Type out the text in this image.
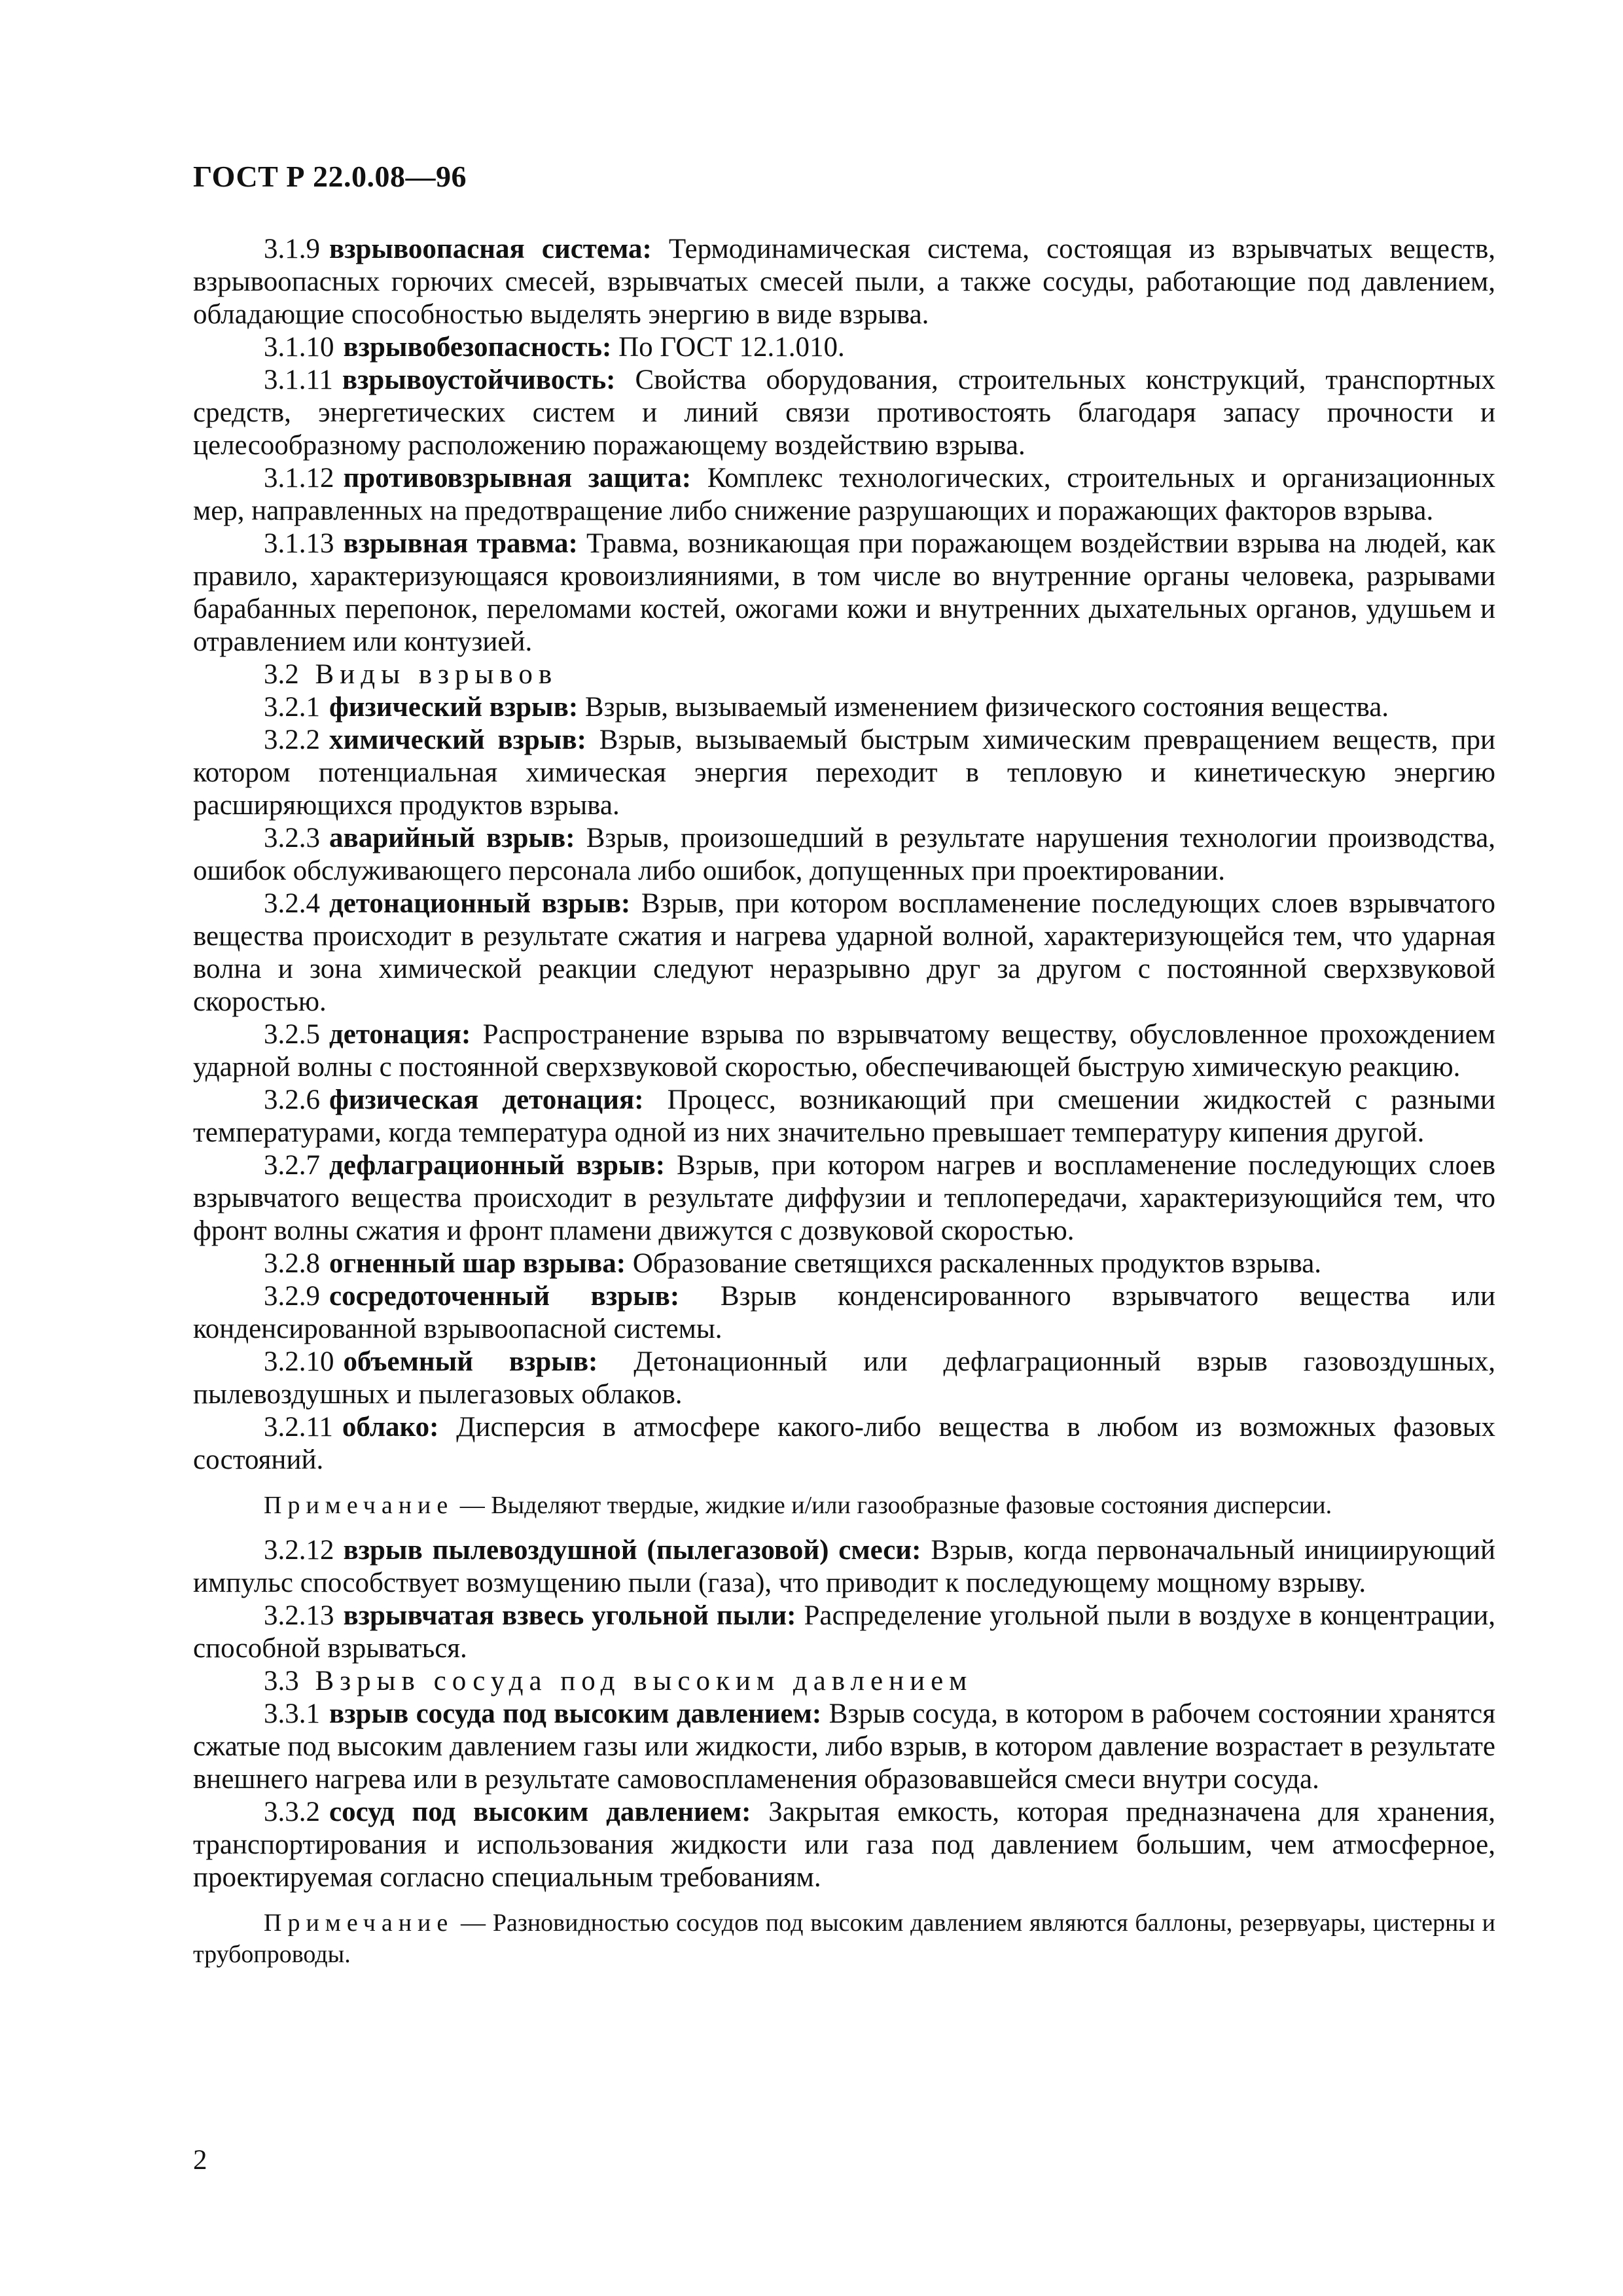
ГОСТ Р 22.0.08—96

3.1.9 взрывоопасная система: Термодинамическая система, состоящая из взрывчатых веществ, взрывоопасных горючих смесей, взрывчатых смесей пыли, а также сосуды, работающие под давлением, обладающие способностью выделять энергию в виде взрыва.

3.1.10 взрывобезопасность: По ГОСТ 12.1.010.

3.1.11 взрывоустойчивость: Свойства оборудования, строительных конструкций, транспортных средств, энергетических систем и линий связи противостоять благодаря запасу прочности и целесообразному расположению поражающему воздействию взрыва.

3.1.12 противовзрывная защита: Комплекс технологических, строительных и организационных мер, направленных на предотвращение либо снижение разрушающих и поражающих факторов взрыва.

3.1.13 взрывная травма: Травма, возникающая при поражающем воздействии взрыва на людей, как правило, характеризующаяся кровоизлияниями, в том числе во внутренние органы человека, разрывами барабанных перепонок, переломами костей, ожогами кожи и внутренних дыхательных органов, удушьем и отравлением или контузией.

3.2 Виды взрывов

3.2.1 физический взрыв: Взрыв, вызываемый изменением физического состояния вещества.

3.2.2 химический взрыв: Взрыв, вызываемый быстрым химическим превращением веществ, при котором потенциальная химическая энергия переходит в тепловую и кинетическую энергию расширяющихся продуктов взрыва.

3.2.3 аварийный взрыв: Взрыв, произошедший в результате нарушения технологии производства, ошибок обслуживающего персонала либо ошибок, допущенных при проектировании.

3.2.4 детонационный взрыв: Взрыв, при котором воспламенение последующих слоев взрывчатого вещества происходит в результате сжатия и нагрева ударной волной, характеризующейся тем, что ударная волна и зона химической реакции следуют неразрывно друг за другом с постоянной сверхзвуковой скоростью.

3.2.5 детонация: Распространение взрыва по взрывчатому веществу, обусловленное прохождением ударной волны с постоянной сверхзвуковой скоростью, обеспечивающей быструю химическую реакцию.

3.2.6 физическая детонация: Процесс, возникающий при смешении жидкостей с разными температурами, когда температура одной из них значительно превышает температуру кипения другой.

3.2.7 дефлаграционный взрыв: Взрыв, при котором нагрев и воспламенение последующих слоев взрывчатого вещества происходит в результате диффузии и теплопередачи, характеризующийся тем, что фронт волны сжатия и фронт пламени движутся с дозвуковой скоростью.

3.2.8 огненный шар взрыва: Образование светящихся раскаленных продуктов взрыва.

3.2.9 сосредоточенный взрыв: Взрыв конденсированного взрывчатого вещества или конденсированной взрывоопасной системы.

3.2.10 объемный взрыв: Детонационный или дефлаграционный взрыв газовоздушных, пылевоздушных и пылегазовых облаков.

3.2.11 облако: Дисперсия в атмосфере какого-либо вещества в любом из возможных фазовых состояний.

Примечание — Выделяют твердые, жидкие и/или газообразные фазовые состояния дисперсии.

3.2.12 взрыв пылевоздушной (пылегазовой) смеси: Взрыв, когда первоначальный инициирующий импульс способствует возмущению пыли (газа), что приводит к последующему мощному взрыву.

3.2.13 взрывчатая взвесь угольной пыли: Распределение угольной пыли в воздухе в концентрации, способной взрываться.

3.3 Взрыв сосуда под высоким давлением

3.3.1 взрыв сосуда под высоким давлением: Взрыв сосуда, в котором в рабочем состоянии хранятся сжатые под высоким давлением газы или жидкости, либо взрыв, в котором давление возрастает в результате внешнего нагрева или в результате самовоспламенения образовавшейся смеси внутри сосуда.

3.3.2 сосуд под высоким давлением: Закрытая емкость, которая предназначена для хранения, транспортирования и использования жидкости или газа под давлением большим, чем атмосферное, проектируемая согласно специальным требованиям.

Примечание — Разновидностью сосудов под высоким давлением являются баллоны, резервуары, цистерны и трубопроводы.

2
